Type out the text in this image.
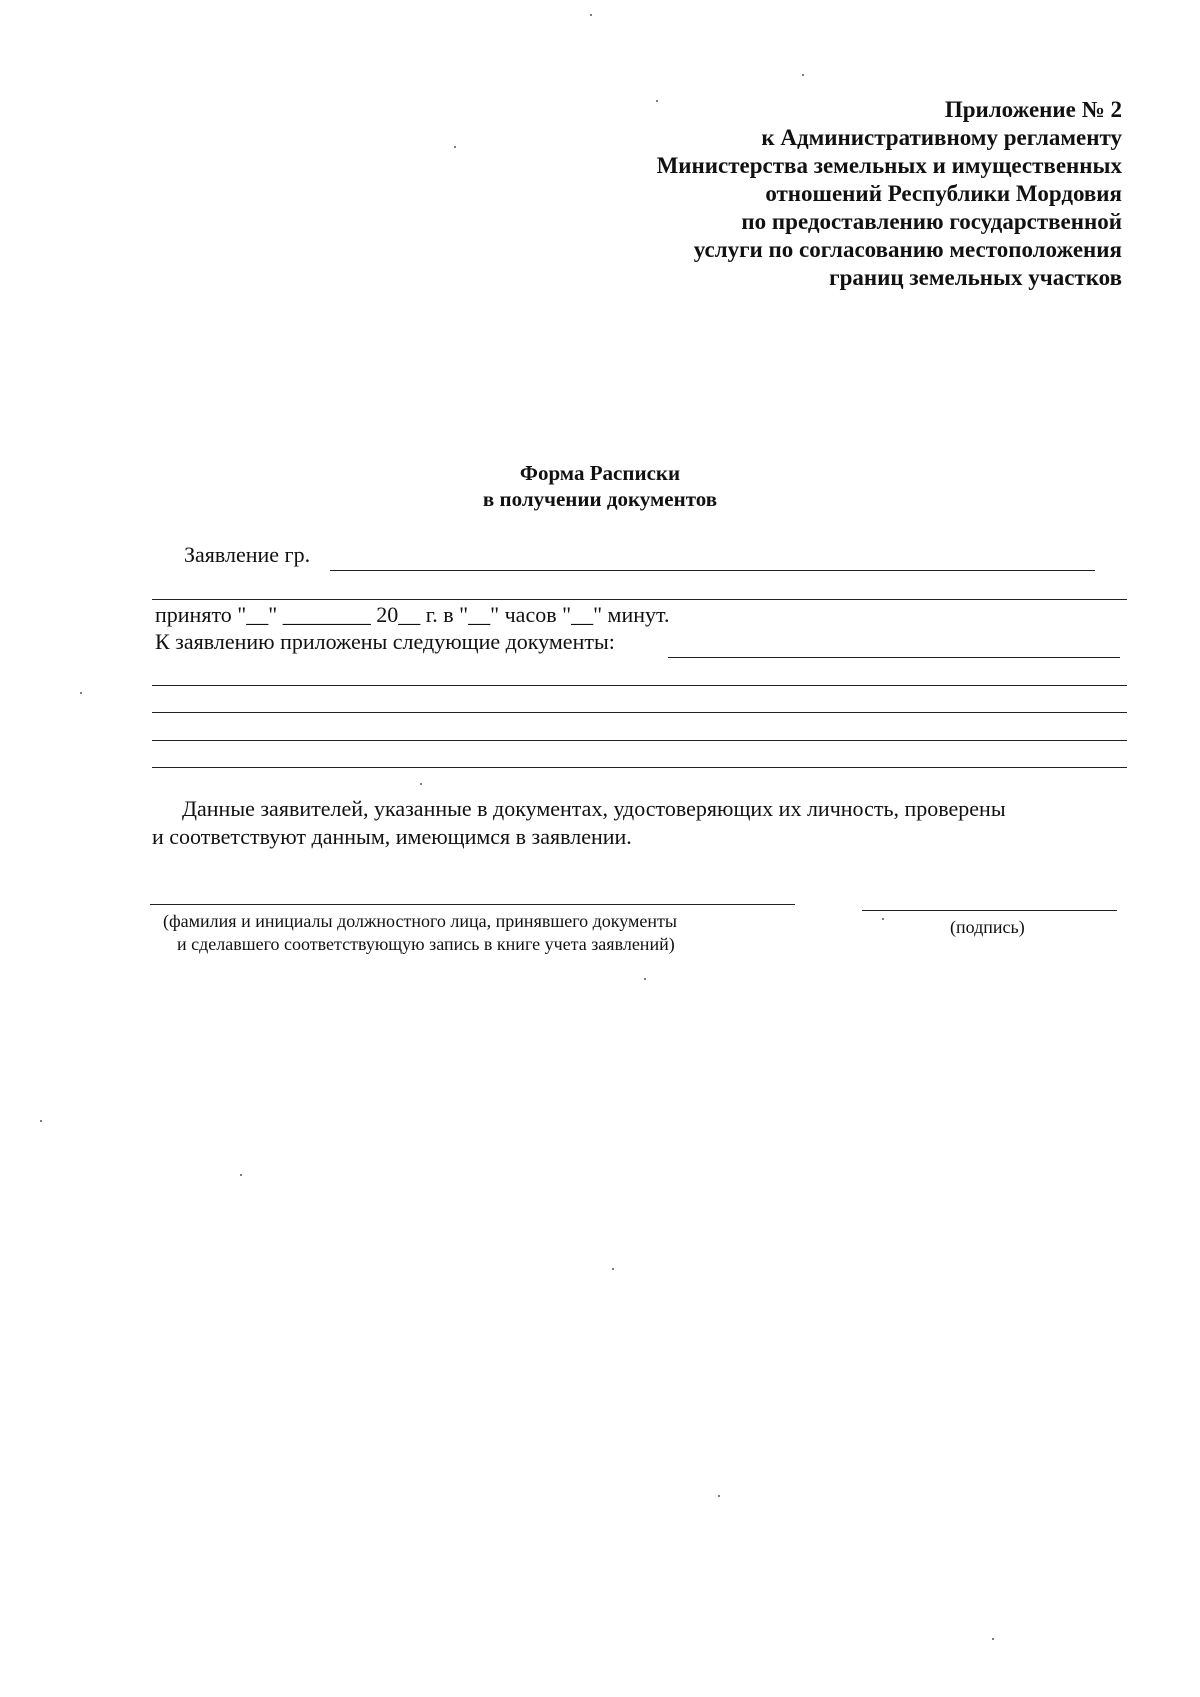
Приложение № 2
к Административному регламенту
Министерства земельных и имущественных
отношений Республики Мордовия
по предоставлению государственной
услуги по согласованию местоположения
границ земельных участков
Форма Расписки
в получении документов
Заявление гр.
принято "__" ________ 20__ г. в "__" часов "__" минут.
К заявлению приложены следующие документы:
Данные заявителей, указанные в документах, удостоверяющих их личность, проверены
и соответствуют данным, имеющимся в заявлении.
(фамилия и инициалы должностного лица, принявшего документы
и сделавшего соответствующую запись в книге учета заявлений)
(подпись)
